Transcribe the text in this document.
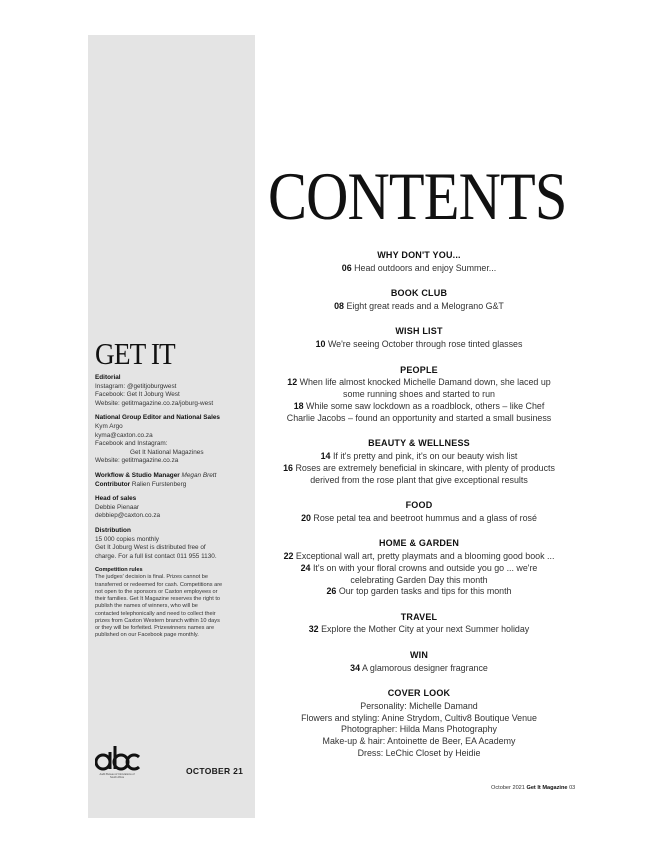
GET IT
Editorial
Instagram: @getitjoburgwest
Facebook: Get It Joburg West
Website: getitmagazine.co.za/joburg-west
National Group Editor and National Sales
Kym Argo
kyma@caxton.co.za
Facebook and Instagram:
Get It National Magazines
Website: getitmagazine.co.za
Workflow & Studio Manager Megan Brett
Contributor Ralien Furstenberg
Head of sales
Debbie Pienaar
debbiep@caxton.co.za
Distribution
15 000 copies monthly
Get It Joburg West is distributed free of charge. For a full list contact 011 955 1130.
Competition rules
The judges' decision is final. Prizes cannot be transferred or redeemed for cash. Competitions are not open to the sponsors or Caxton employees or their families. Get It Magazine reserves the right to publish the names of winners, who will be contacted telephonically and need to collect their prizes from Caxton Western branch within 10 days or they will be forfeited. Prizewinners names are published on our Facebook page monthly.
Audit Bureau of Circulations of South Africa
OCTOBER 21
CONTENTS
WHY DON'T YOU...
06 Head outdoors and enjoy Summer...
BOOK CLUB
08 Eight great reads and a Melograno G&T
WISH LIST
10 We're seeing October through rose tinted glasses
PEOPLE
12 When life almost knocked Michelle Damand down, she laced up some running shoes and started to run
18 While some saw lockdown as a roadblock, others – like Chef Charlie Jacobs – found an opportunity and started a small business
BEAUTY & WELLNESS
14 If it's pretty and pink, it's on our beauty wish list
16 Roses are extremely beneficial in skincare, with plenty of products derived from the rose plant that give exceptional results
FOOD
20 Rose petal tea and beetroot hummus and a glass of rosé
HOME & GARDEN
22 Exceptional wall art, pretty playmats and a blooming good book ...
24 It's on with your floral crowns and outside you go ... we're celebrating Garden Day this month
26 Our top garden tasks and tips for this month
TRAVEL
32 Explore the Mother City at your next Summer holiday
WIN
34 A glamorous designer fragrance
COVER LOOK
Personality: Michelle Damand
Flowers and styling: Anine Strydom, Cultiv8 Boutique Venue
Photographer: Hilda Mans Photography
Make-up & hair: Antoinette de Beer, EA Academy
Dress: LeChic Closet by Heidie
October 2021 Get It Magazine 03
